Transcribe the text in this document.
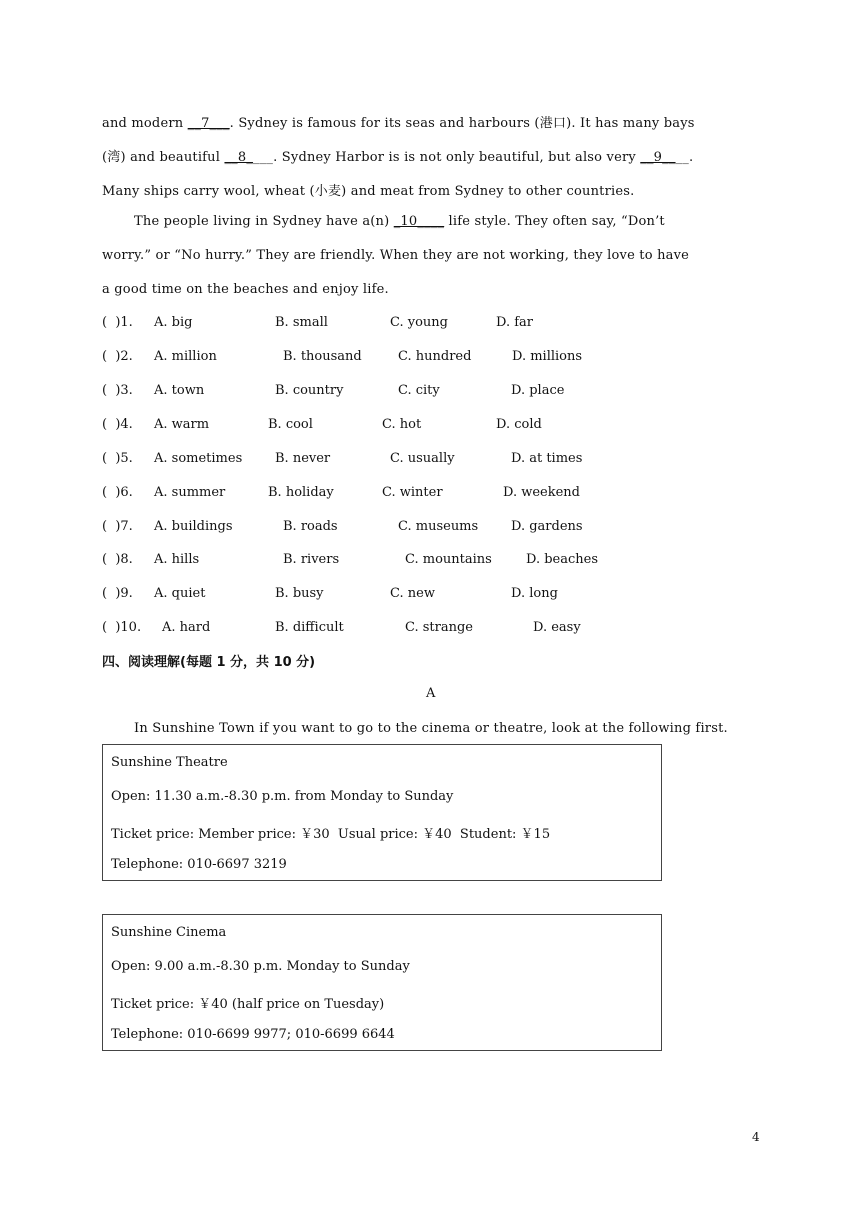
and modern __7___. Sydney is famous for its seas and harbours (港口). It has many bays
(湾) and beautiful __8____. Sydney Harbor is is not only beautiful, but also very __9____.
Many ships carry wool, wheat (小麦) and meat from Sydney to other countries.
The people living in Sydney have a(n) _10____ life style. They often say, “Don’t
worry.” or “No hurry.” They are friendly. When they are not working, they love to have
a good time on the beaches and enjoy life.

(  )1.

A. big

	B. small

	C. young

	D. far

(  )2.

A. million

	B. thousand

	C. hundred

	D. millions

(  )3.

A. town

	B. country

	C. city

	D. place

(  )4.

A. warm

	B. cool

	C. hot

	D. cold

(  )5.

A. sometimes

	B. never

	C. usually

	D. at times

(  )6.

A. summer

	B. holiday

	C. winter

	D. weekend

(  )7.

A. buildings

	B. roads

	C. museums

	D. gardens

(  )8.

A. hills

	B. rivers

	C. mountains

	D. beaches

(  )9.

A. quiet

	B. busy

	C. new

	D. long

(  )10.

A. hard

	B. difficult

	C. strange

	D. easy

四、阅读理解(每题 1 分，共 10 分)
A
In Sunshine Town if you want to go to the cinema or theatre, look at the following first.
Sunshine Theatre
Open: 11.30 a.m.-8.30 p.m. from Monday to Sunday
Ticket price: Member price: ￥30  Usual price: ￥40  Student: ￥15
Telephone: 010-6697 3219
Sunshine Cinema
Open: 9.00 a.m.-8.30 p.m. Monday to Sunday
Ticket price: ￥40 (half price on Tuesday)
Telephone: 010-6699 9977; 010-6699 6644
4
